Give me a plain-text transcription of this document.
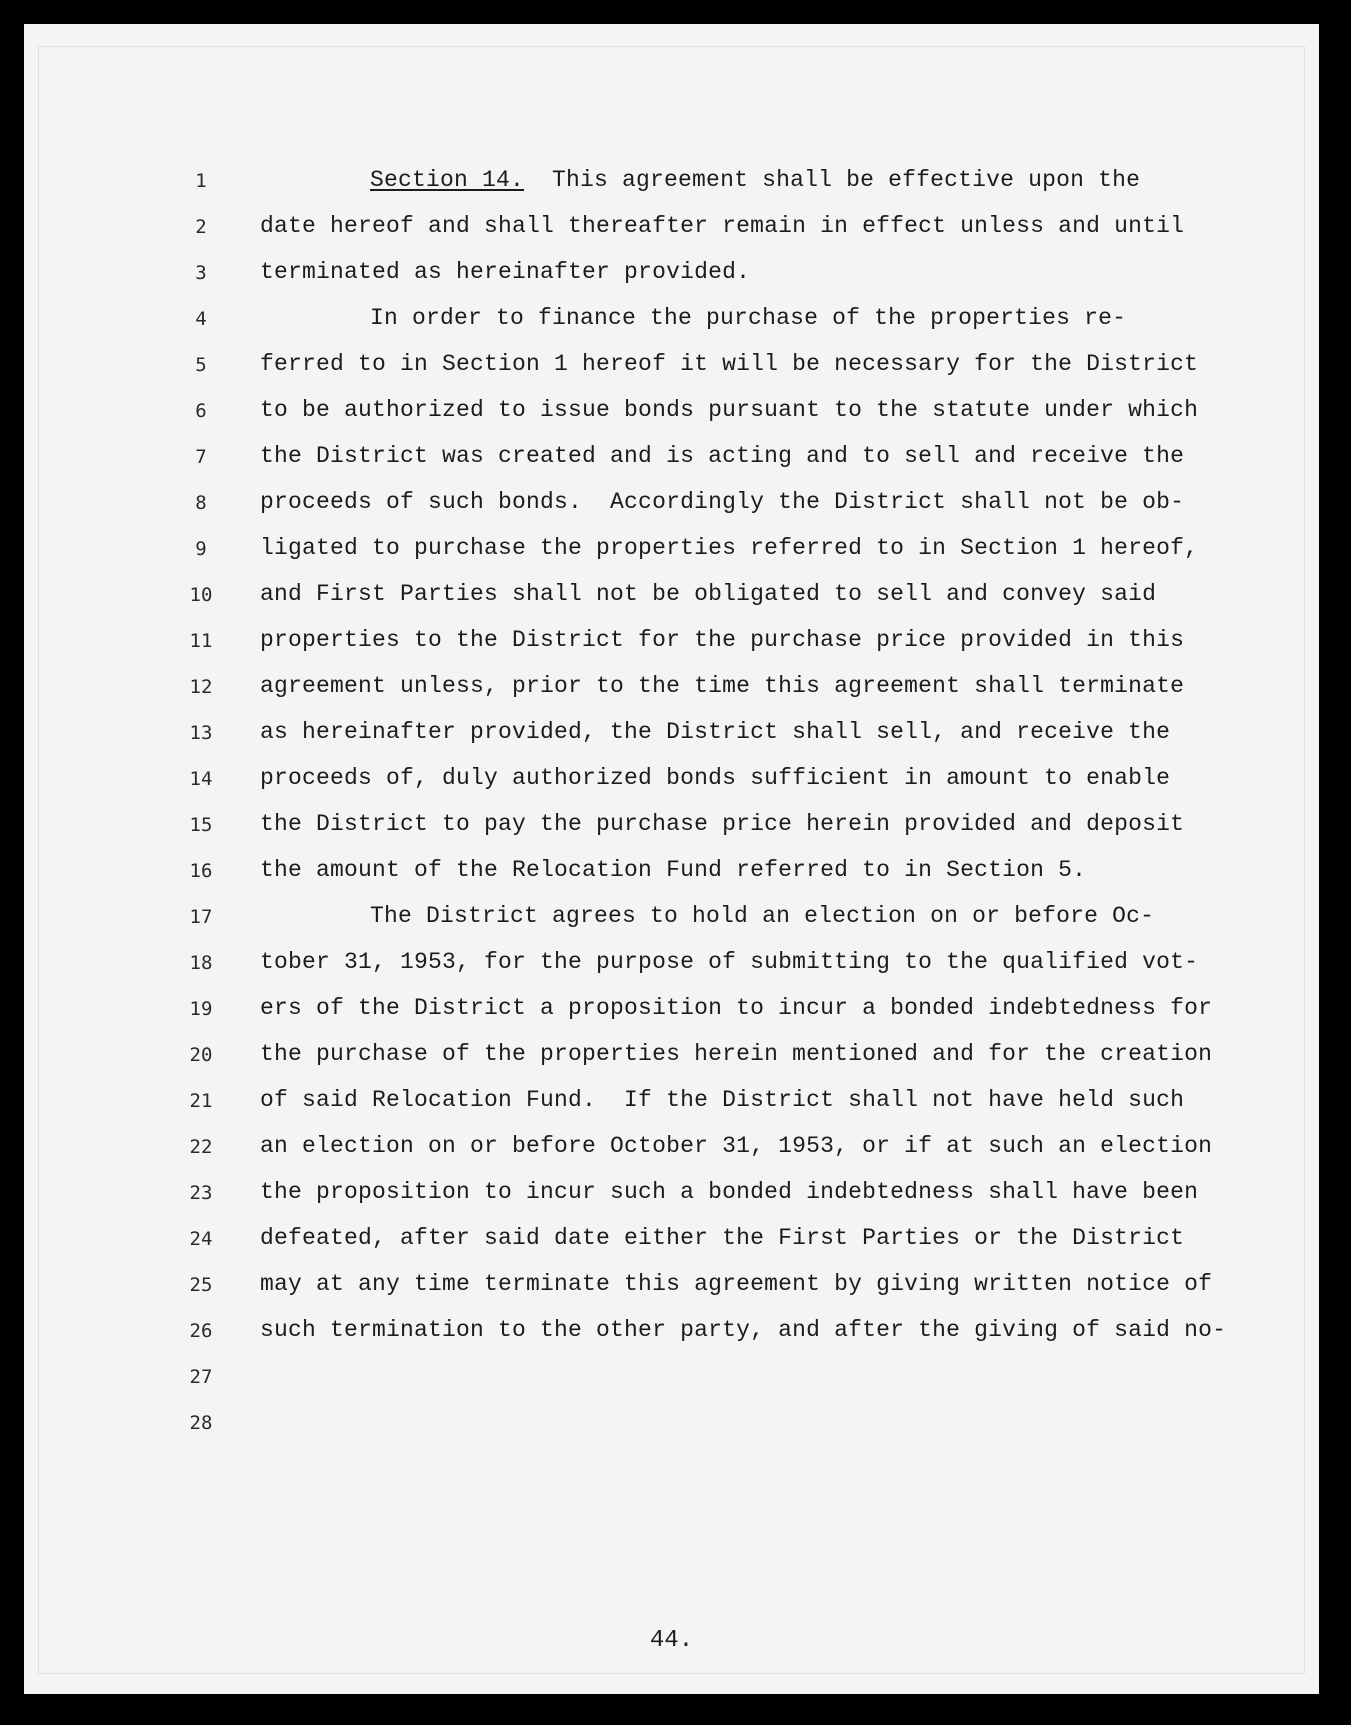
1
2
3
4
5
6
7
8
9
10
11
12
13
14
15
16
17
18
19
20
21
22
23
24
25
26
27
28
Section 14.  This agreement shall be effective upon the
date hereof and shall thereafter remain in effect unless and until
terminated as hereinafter provided.
In order to finance the purchase of the properties re-
ferred to in Section 1 hereof it will be necessary for the District
to be authorized to issue bonds pursuant to the statute under which
the District was created and is acting and to sell and receive the
proceeds of such bonds.  Accordingly the District shall not be ob-
ligated to purchase the properties referred to in Section 1 hereof,
and First Parties shall not be obligated to sell and convey said
properties to the District for the purchase price provided in this
agreement unless, prior to the time this agreement shall terminate
as hereinafter provided, the District shall sell, and receive the
proceeds of, duly authorized bonds sufficient in amount to enable
the District to pay the purchase price herein provided and deposit
the amount of the Relocation Fund referred to in Section 5.
The District agrees to hold an election on or before Oc-
tober 31, 1953, for the purpose of submitting to the qualified vot-
ers of the District a proposition to incur a bonded indebtedness for
the purchase of the properties herein mentioned and for the creation
of said Relocation Fund.  If the District shall not have held such
an election on or before October 31, 1953, or if at such an election
the proposition to incur such a bonded indebtedness shall have been
defeated, after said date either the First Parties or the District
may at any time terminate this agreement by giving written notice of
such termination to the other party, and after the giving of said no-
44.
